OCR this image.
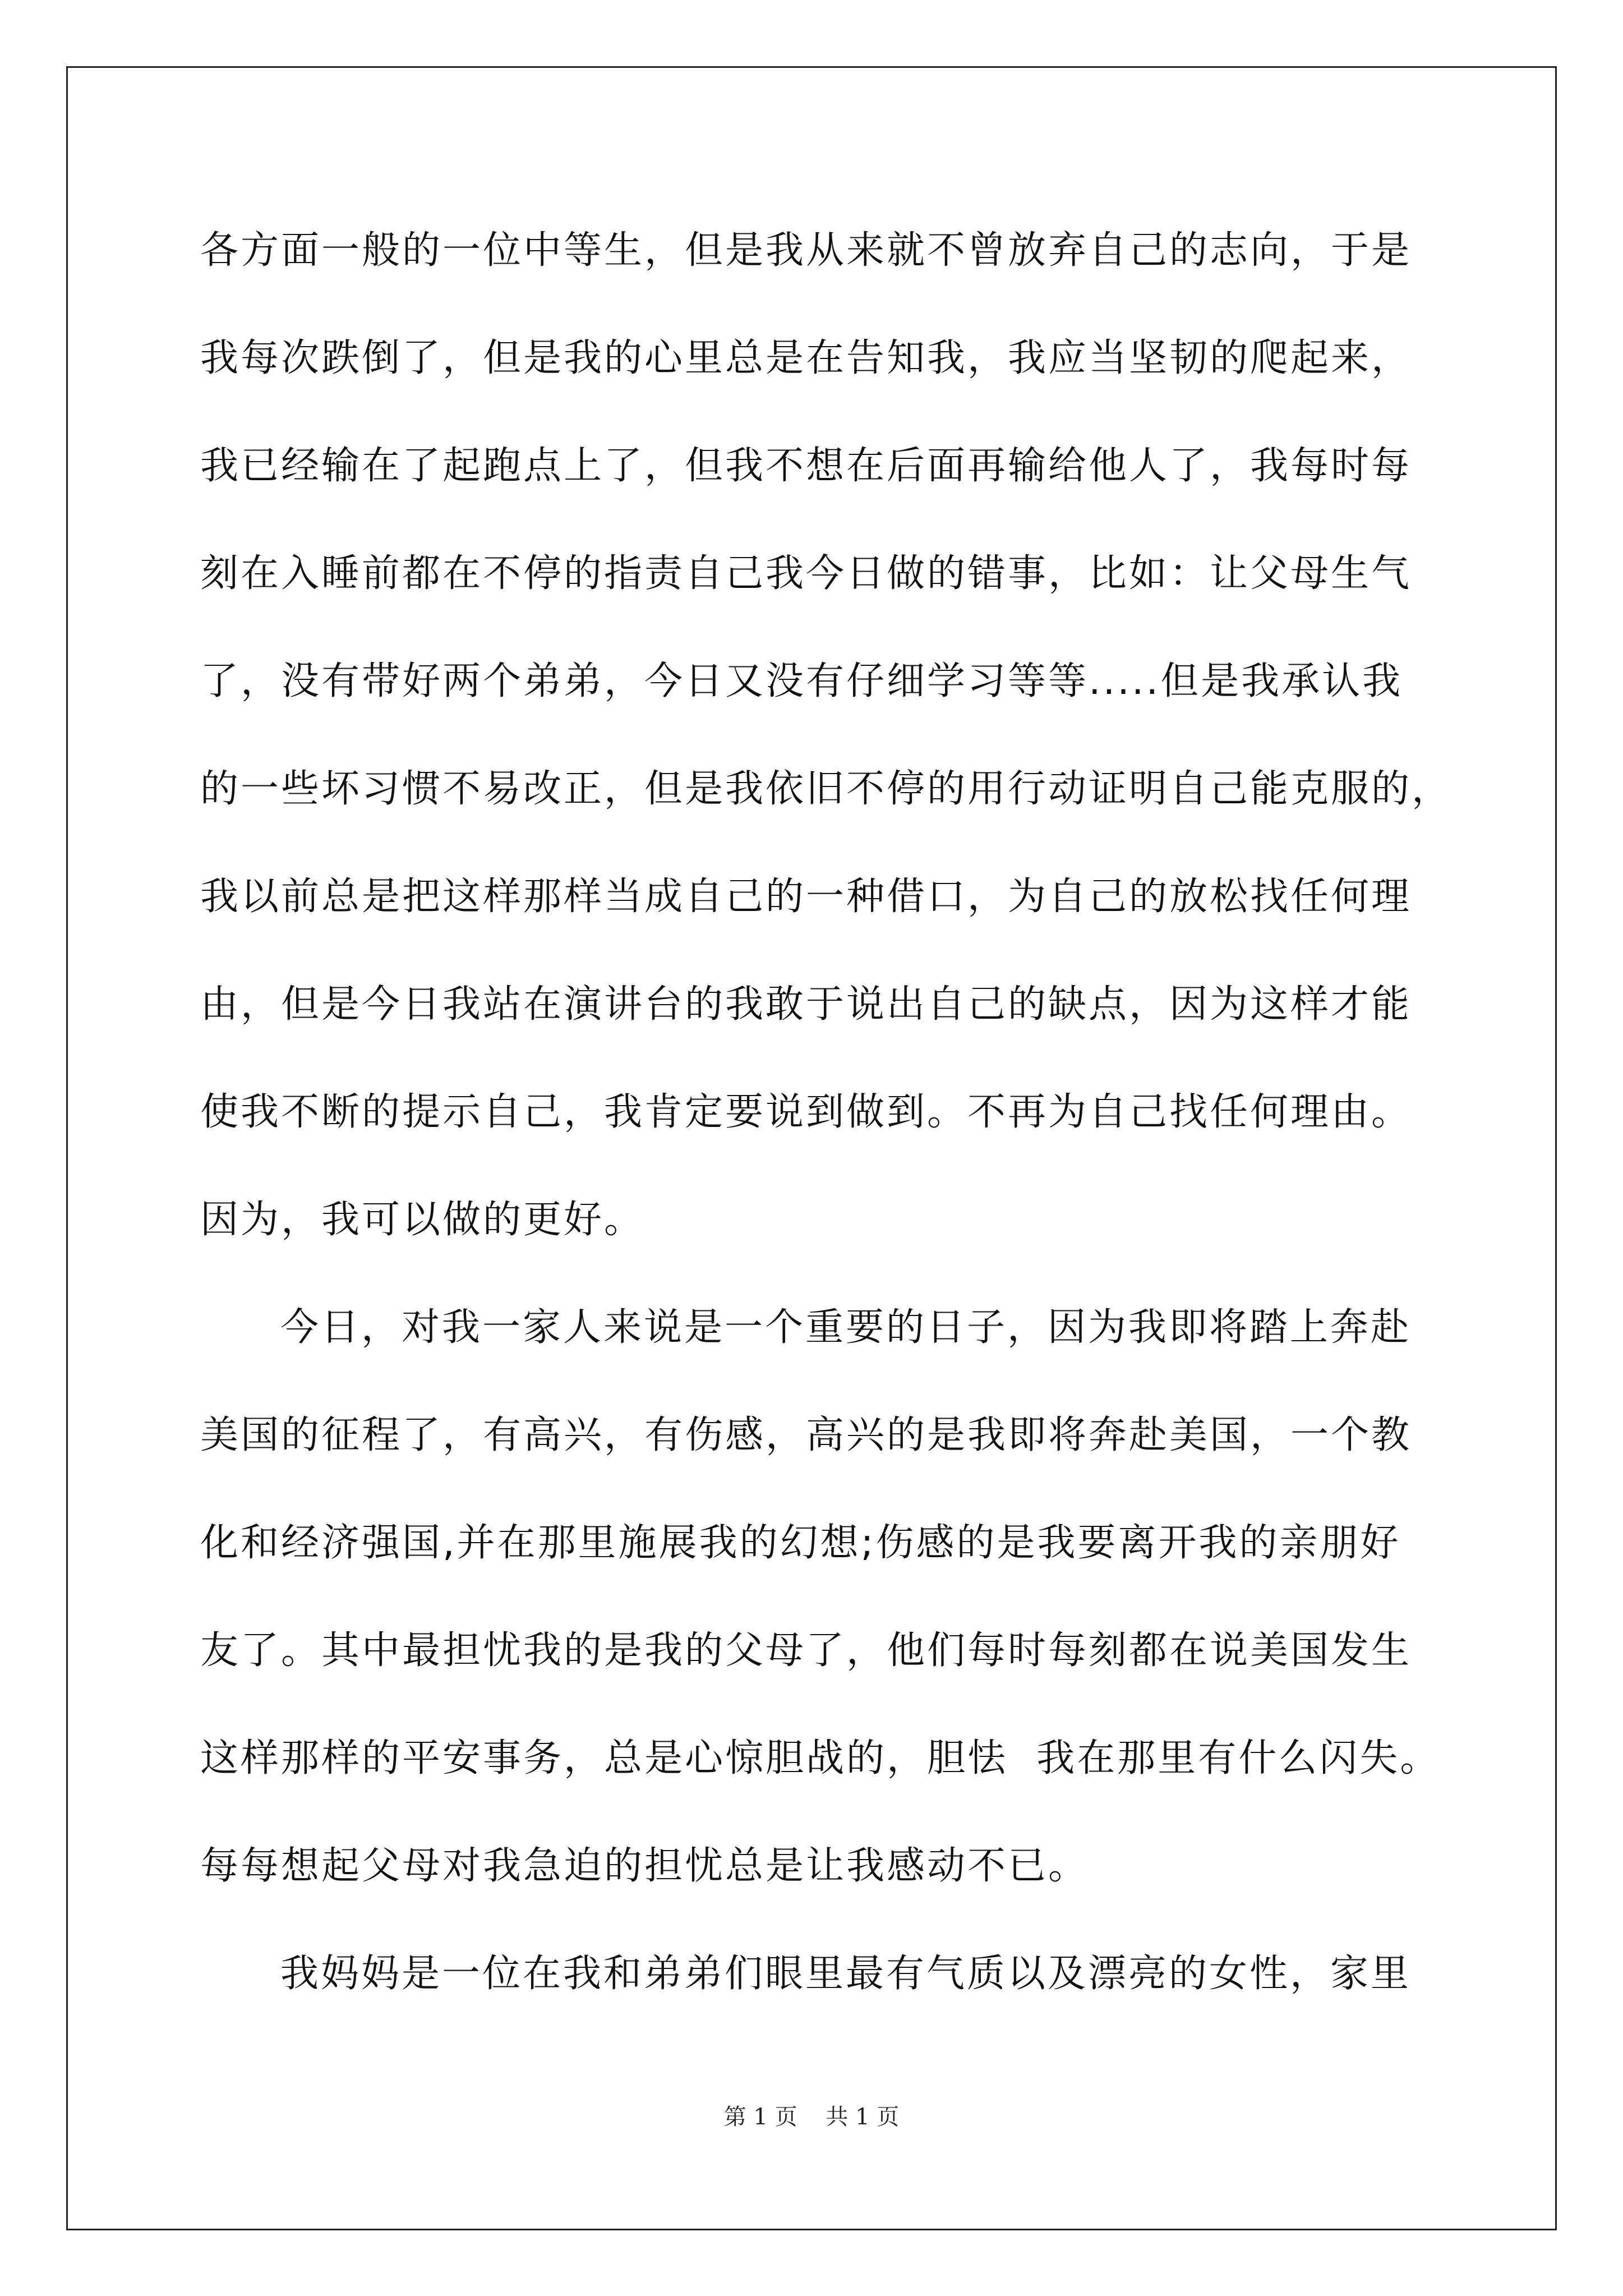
各方面一般的一位中等生，但是我从来就不曾放弃自己的志向，于是
我每次跌倒了，但是我的心里总是在告知我，我应当坚韧的爬起来，
我已经输在了起跑点上了，但我不想在后面再输给他人了，我每时每
刻在入睡前都在不停的指责自己我今日做的错事，比如：让父母生气
了，没有带好两个弟弟，今日又没有仔细学习等等.....但是我承认我
的一些坏习惯不易改正，但是我依旧不停的用行动证明自己能克服的，
我以前总是把这样那样当成自己的一种借口，为自己的放松找任何理
由，但是今日我站在演讲台的我敢于说出自己的缺点，因为这样才能
使我不断的提示自己，我肯定要说到做到。不再为自己找任何理由。
因为，我可以做的更好。
今日，对我一家人来说是一个重要的日子，因为我即将踏上奔赴
美国的征程了，有高兴，有伤感，高兴的是我即将奔赴美国，一个教
化和经济强国,并在那里施展我的幻想;伤感的是我要离开我的亲朋好
友了。其中最担忧我的是我的父母了，他们每时每刻都在说美国发生
这样那样的平安事务，总是心惊胆战的，胆怯  我在那里有什么闪失。
每每想起父母对我急迫的担忧总是让我感动不已。
我妈妈是一位在我和弟弟们眼里最有气质以及漂亮的女性，家里
第 1 页    共 1 页
